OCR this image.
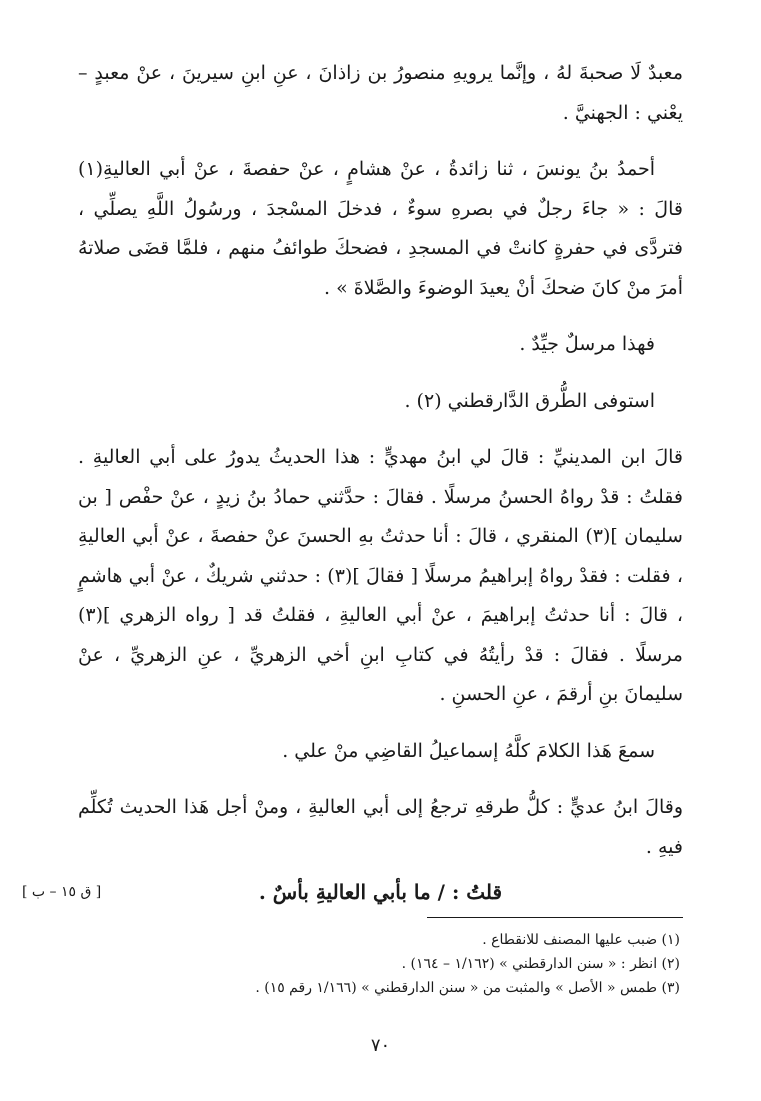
معبدٌ لَا صحبةَ لهُ ، وإنَّما يرويهِ منصورُ بن زاذانَ ، عنِ ابنِ سيرينَ ، عنْ معبدٍ – يعْني : الجهنيَّ .

أحمدُ بنُ يونسَ ، ثنا زائدةُ ، عنْ هشامٍ ، عنْ حفصةَ ، عنْ أبي العاليةِ(١) قالَ : « جاءَ رجلٌ في بصرهِ سوءٌ ، فدخلَ المسْجدَ ، ورسُولُ اللَّهِ يصلِّي ، فتردَّى في حفرةٍ كانتْ في المسجدِ ، فضحكَ طوائفُ منهم ، فلمَّا قضَى صلاتهُ أمرَ منْ كانَ ضحكَ أنْ يعيدَ الوضوءَ والصَّلاةَ » .

فهذا مرسلٌ جيِّدٌ .

استوفى الطُّرق الدَّارقطني (٢) .

قالَ ابن المدينيِّ : قالَ لي ابنُ مهديٍّ : هذا الحديثُ يدورُ على أبي العاليةِ . فقلتُ : قدْ رواهُ الحسنُ مرسلًا . فقالَ : حدَّثني حمادُ بنُ زيدٍ ، عنْ حفْص [ بن سليمان ](٣) المنقري ، قالَ : أنا حدثتُ بهِ الحسنَ عنْ حفصةَ ، عنْ أبي العاليةِ ، فقلت : فقدْ رواهُ إبراهيمُ مرسلًا [ فقالَ ](٣) : حدثني شريكٌ ، عنْ أبي هاشمٍ ، قالَ : أنا حدثتُ إبراهيمَ ، عنْ أبي العاليةِ ، فقلتُ قد [ رواه الزهري ](٣) مرسلًا . فقالَ : قدْ رأيتُهُ في كتابِ ابنِ أخي الزهريِّ ، عنِ الزهريِّ ، عنْ سليمانَ بنِ أرقمَ ، عنِ الحسنِ .

سمعَ هَذا الكلامَ كلَّهُ إسماعيلُ القاضِي منْ علي .

وقالَ ابنُ عديٍّ : كلُّ طرقهِ ترجعُ إلى أبي العاليةِ ، ومنْ أجل هَذا الحديث تُكلِّم فيهِ .

قلتُ : / ما بأبي العاليةِ بأسٌ .
[ ق ١٥ – ب ]

(١) ضبب عليها المصنف للانقطاع .

(٢) انظر : « سنن الدارقطني » (١/١٦٢ – ١٦٤) .

(٣) طمس « الأصل » والمثبت من « سنن الدارقطني » (١/١٦٦ رقم ١٥) .

٧٠
